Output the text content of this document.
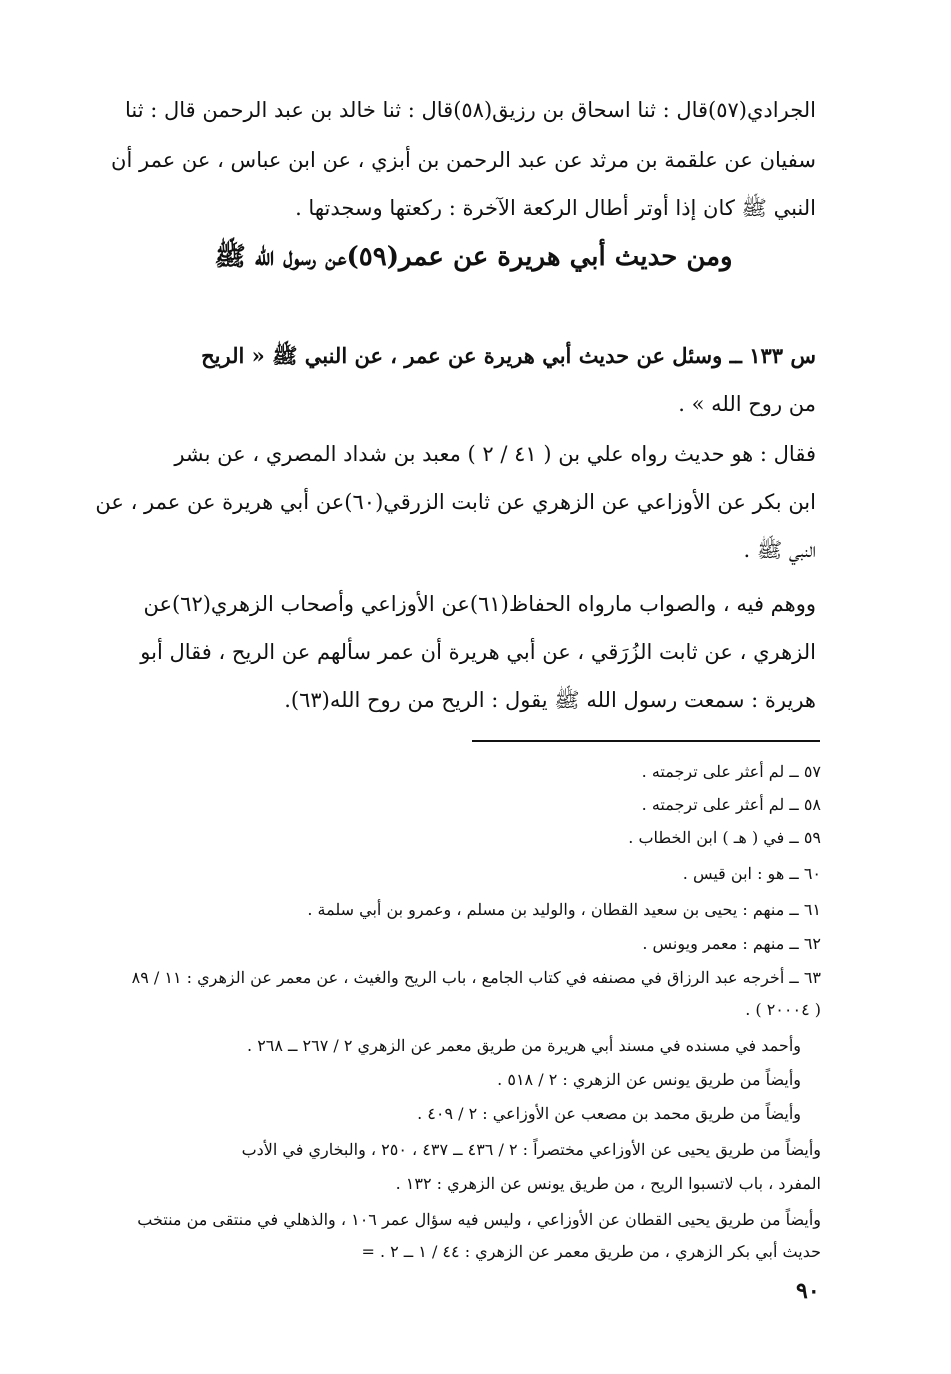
الجرادي(٥٧)قال : ثنا اسحاق بن رزيق(٥٨)قال : ثنا خالد بن عبد الرحمن قال : ثنا
سفيان عن علقمة بن مرثد عن عبد الرحمن بن أبزي ، عن ابن عباس ، عن عمر أن
النبي ﷺ كان إذا أوتر أطال الركعة الآخرة : ركعتها وسجدتها .
ومن حديث أبي هريرة عن عمر(٥٩)عن رسول الله ﷺ
س ١٣٣ ــ وسئل عن حديث أبي هريرة عن عمر ، عن النبي ﷺ « الريح
من روح الله » .
فقال : هو حديث رواه علي بن ( ٤١ / ٢ ) معبد بن شداد المصري ، عن بشر
ابن بكر عن الأوزاعي عن الزهري عن ثابت الزرقي(٦٠)عن أبي هريرة عن عمر ، عن
النبي ﷺ .
ووهم فيه ، والصواب مارواه الحفاظ(٦١)عن الأوزاعي وأصحاب الزهري(٦٢)عن
الزهري ، عن ثابت الزُرَقي ، عن أبي هريرة أن عمر سألهم عن الريح ، فقال أبو
هريرة : سمعت رسول الله ﷺ يقول : الريح من روح الله(٦٣).
٥٧ ــ لم أعثر على ترجمته .
٥٨ ــ لم أعثر على ترجمته .
٥٩ ــ في ( هـ ) ابن الخطاب .
٦٠ ــ هو : ابن قيس .
٦١ ــ منهم : يحيى بن سعيد القطان ، والوليد بن مسلم ، وعمرو بن أبي سلمة .
٦٢ ــ منهم : معمر ويونس .
٦٣ ــ أخرجه عبد الرزاق في مصنفه في كتاب الجامع ، باب الريح والغيث ، عن معمر عن الزهري : ١١ / ٨٩
( ٢٠٠٠٤ ) .
وأحمد في مسنده في مسند أبي هريرة من طريق معمر عن الزهري ٢ / ٢٦٧ ــ ٢٦٨ .
وأيضاً من طريق يونس عن الزهري : ٢ / ٥١٨ .
وأيضاً من طريق محمد بن مصعب عن الأوزاعي : ٢ / ٤٠٩ .
وأيضاً من طريق يحيى عن الأوزاعي مختصراً : ٢ / ٤٣٦ ــ ٤٣٧ ، ٢٥٠ ، والبخاري في الأدب
المفرد ، باب لاتسبوا الريح ، من طريق يونس عن الزهري : ١٣٢ .
وأيضاً من طريق يحيى القطان عن الأوزاعي ، وليس فيه سؤال عمر ١٠٦ ، والذهلي في منتقى من منتخب
حديث أبي بكر الزهري ، من طريق معمر عن الزهري : ٤٤ / ١ ــ ٢ . =
٩٠
